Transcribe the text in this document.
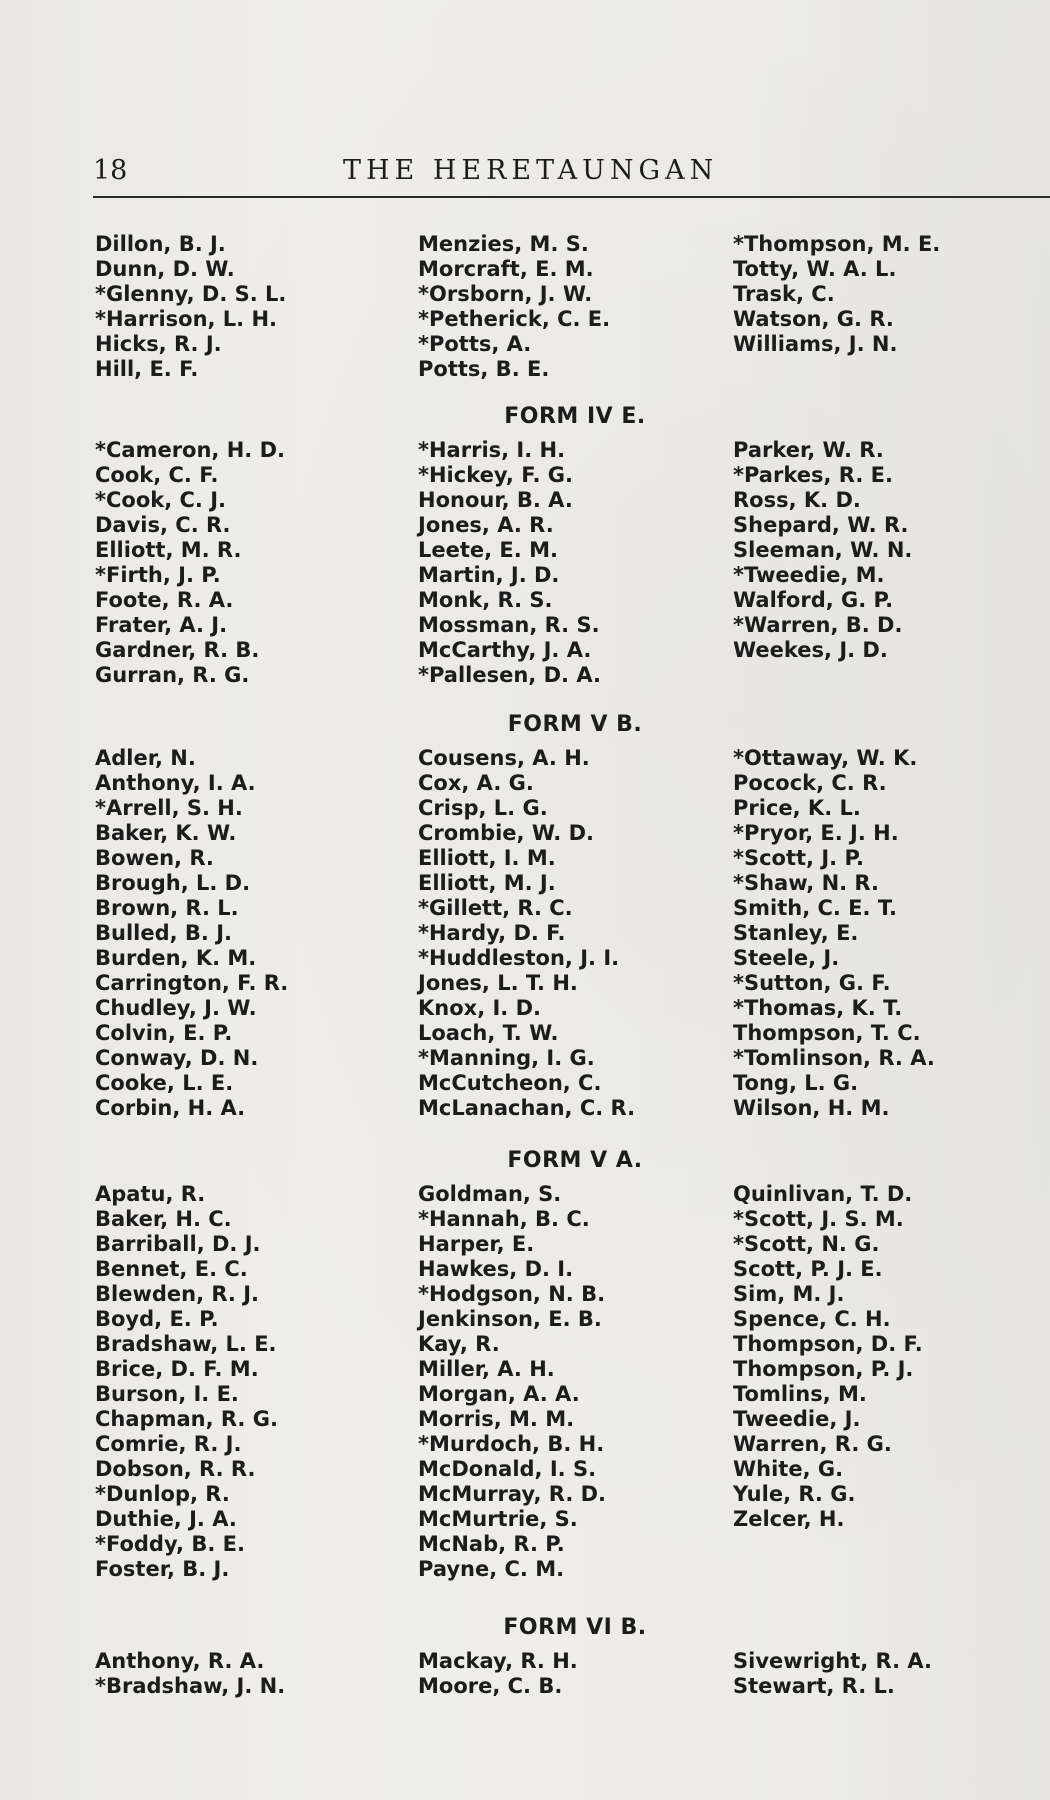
18	THE HERETAUNGAN
Dillon, B. J.
Dunn, D. W.
*Glenny, D. S. L.
*Harrison, L. H.
Hicks, R. J.
Hill, E. F.
Menzies, M. S.
Morcraft, E. M.
*Orsborn, J. W.
*Petherick, C. E.
*Potts, A.
Potts, B. E.
*Thompson, M. E.
Totty, W. A. L.
Trask, C.
Watson, G. R.
Williams, J. N.
FORM IV E.
*Cameron, H. D.
Cook, C. F.
*Cook, C. J.
Davis, C. R.
Elliott, M. R.
*Firth, J. P.
Foote, R. A.
Frater, A. J.
Gardner, R. B.
Gurran, R. G.
*Harris, I. H.
*Hickey, F. G.
Honour, B. A.
Jones, A. R.
Leete, E. M.
Martin, J. D.
Monk, R. S.
Mossman, R. S.
McCarthy, J. A.
*Pallesen, D. A.
Parker, W. R.
*Parkes, R. E.
Ross, K. D.
Shepard, W. R.
Sleeman, W. N.
*Tweedie, M.
Walford, G. P.
*Warren, B. D.
Weekes, J. D.
FORM V B.
Adler, N.
Anthony, I. A.
*Arrell, S. H.
Baker, K. W.
Bowen, R.
Brough, L. D.
Brown, R. L.
Bulled, B. J.
Burden, K. M.
Carrington, F. R.
Chudley, J. W.
Colvin, E. P.
Conway, D. N.
Cooke, L. E.
Corbin, H. A.
Cousens, A. H.
Cox, A. G.
Crisp, L. G.
Crombie, W. D.
Elliott, I. M.
Elliott, M. J.
*Gillett, R. C.
*Hardy, D. F.
*Huddleston, J. I.
Jones, L. T. H.
Knox, I. D.
Loach, T. W.
*Manning, I. G.
McCutcheon, C.
McLanachan, C. R.
*Ottaway, W. K.
Pocock, C. R.
Price, K. L.
*Pryor, E. J. H.
*Scott, J. P.
*Shaw, N. R.
Smith, C. E. T.
Stanley, E.
Steele, J.
*Sutton, G. F.
*Thomas, K. T.
Thompson, T. C.
*Tomlinson, R. A.
Tong, L. G.
Wilson, H. M.
FORM V A.
Apatu, R.
Baker, H. C.
Barriball, D. J.
Bennet, E. C.
Blewden, R. J.
Boyd, E. P.
Bradshaw, L. E.
Brice, D. F. M.
Burson, I. E.
Chapman, R. G.
Comrie, R. J.
Dobson, R. R.
*Dunlop, R.
Duthie, J. A.
*Foddy, B. E.
Foster, B. J.
Goldman, S.
*Hannah, B. C.
Harper, E.
Hawkes, D. I.
*Hodgson, N. B.
Jenkinson, E. B.
Kay, R.
Miller, A. H.
Morgan, A. A.
Morris, M. M.
*Murdoch, B. H.
McDonald, I. S.
McMurray, R. D.
McMurtrie, S.
McNab, R. P.
Payne, C. M.
Quinlivan, T. D.
*Scott, J. S. M.
*Scott, N. G.
Scott, P. J. E.
Sim, M. J.
Spence, C. H.
Thompson, D. F.
Thompson, P. J.
Tomlins, M.
Tweedie, J.
Warren, R. G.
White, G.
Yule, R. G.
Zelcer, H.
FORM VI B.
Anthony, R. A.
*Bradshaw, J. N.
Mackay, R. H.
Moore, C. B.
Sivewright, R. A.
Stewart, R. L.
